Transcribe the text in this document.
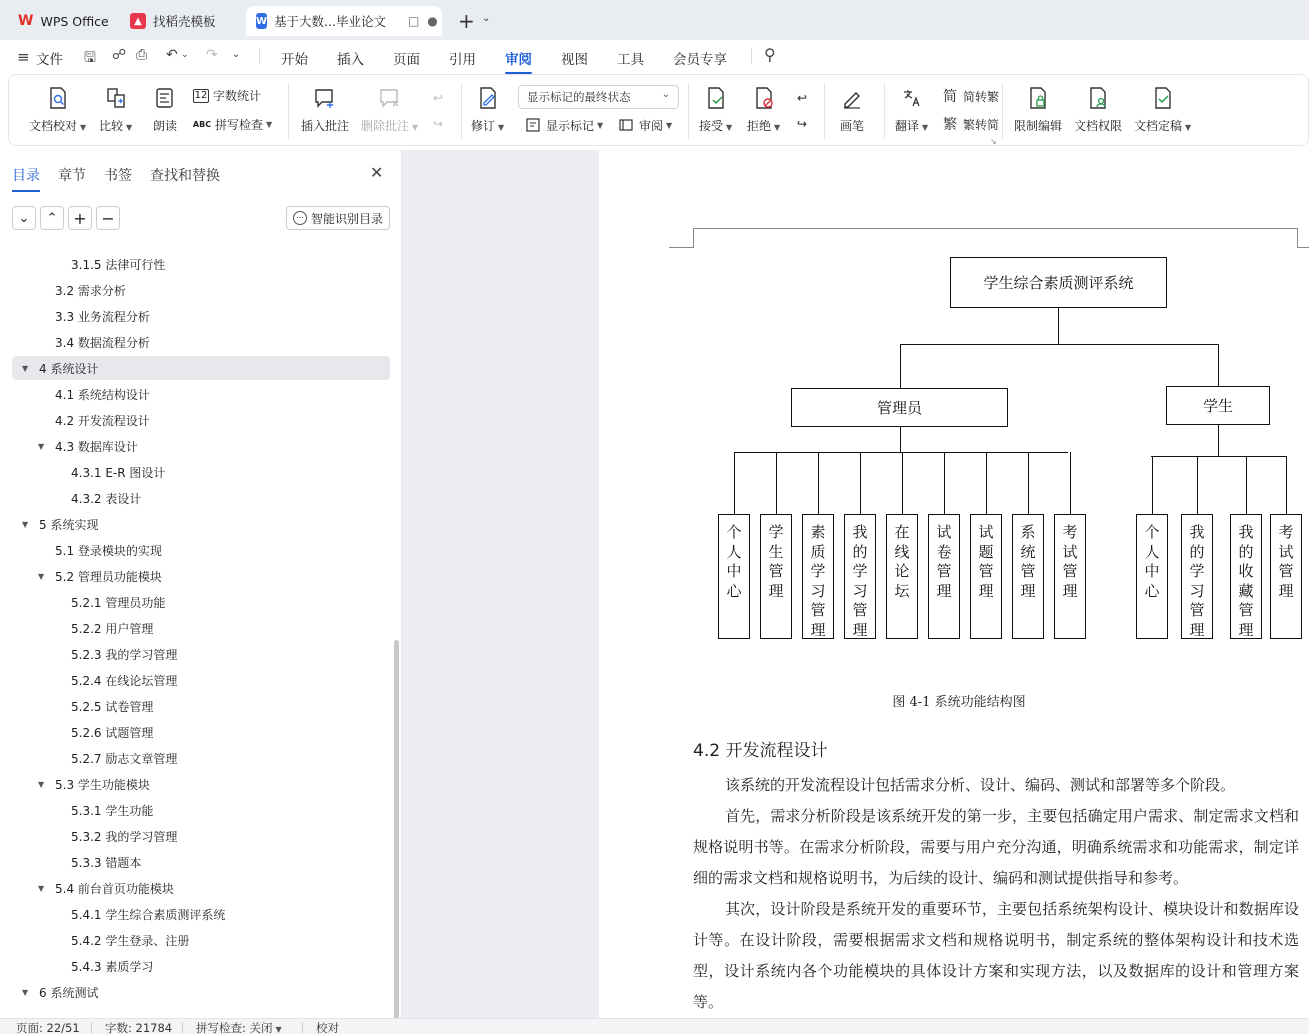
W WPS Office	▲ 找稻壳模板	W 基于大数...毕业论文 □ ● + ⌄
≡ 文件 🖫 ☍ ⎙ ↶ ⌄ ↷ ⌄	开始 插入 页面 引用 审阅 视图 工具 会员专享 ⚲
文档校对 ▼ 比较 ▼ 朗读
12 字数统计
ABC 拼写检查 ▼ 插入批注 删除批注 ▼
↩
↪	修订 ▼
显示标记的最终状态	⌄
显示标记 ▼	审阅 ▼ 接受 ▼ 拒绝 ▼
↩
↪	画笔	翻译 ▼
简 简转繁
繁 繁转简
↘
限制编辑 文档权限 文档定稿 ▼
目录 章节 书签 查找和替换	✕
⌄ ⌃ + −	⋯ 智能识别目录
3.1.5 法律可行性
3.2 需求分析
3.3 业务流程分析
3.4 数据流程分析
▼ 4 系统设计
4.1 系统结构设计
4.2 开发流程设计
▼ 4.3 数据库设计
4.3.1 E-R 图设计
4.3.2 表设计
▼ 5 系统实现
5.1 登录模块的实现
▼ 5.2 管理员功能模块
5.2.1 管理员功能
5.2.2 用户管理
5.2.3 我的学习管理
5.2.4 在线论坛管理
5.2.5 试卷管理
5.2.6 试题管理
5.2.7 励志文章管理
▼ 5.3 学生功能模块
5.3.1 学生功能
5.3.2 我的学习管理
5.3.3 错题本
▼ 5.4 前台首页功能模块
5.4.1 学生综合素质测评系统
5.4.2 学生登录、注册
5.4.3 素质学习
▼ 6 系统测试
学生综合素质测评系统
管理员	学生
个
人
中
心
学
生
管
理
素
质
学
习
管
理
我
的
学
习
管
理
在
线
论
坛
试
卷
管
理
试
题
管
理
系
统
管
理
考
试
管
理
个
人
中
心
我
的
学
习
管
理
我
的
收
藏
管
理
考
试
管
理
图 4-1 系统功能结构图
4.2 开发流程设计
该系统的开发流程设计包括需求分析、设计、编码、测试和部署等多个阶段。
首先，需求分析阶段是该系统开发的第一步，主要包括确定用户需求、制定需求文档和规格说明书等。在需求分析阶段，需要与用户充分沟通，明确系统需求和功能需求，制定详细的需求文档和规格说明书，为后续的设计、编码和测试提供指导和参考。
其次，设计阶段是系统开发的重要环节，主要包括系统架构设计、模块设计和数据库设计等。在设计阶段，需要根据需求文档和规格说明书，制定系统的整体架构设计和技术选型，设计系统内各个功能模块的具体设计方案和实现方法，以及数据库的设计和管理方案等。
页面: 22/51 字数: 21784 拼写检查: 关闭 ▼	校对
